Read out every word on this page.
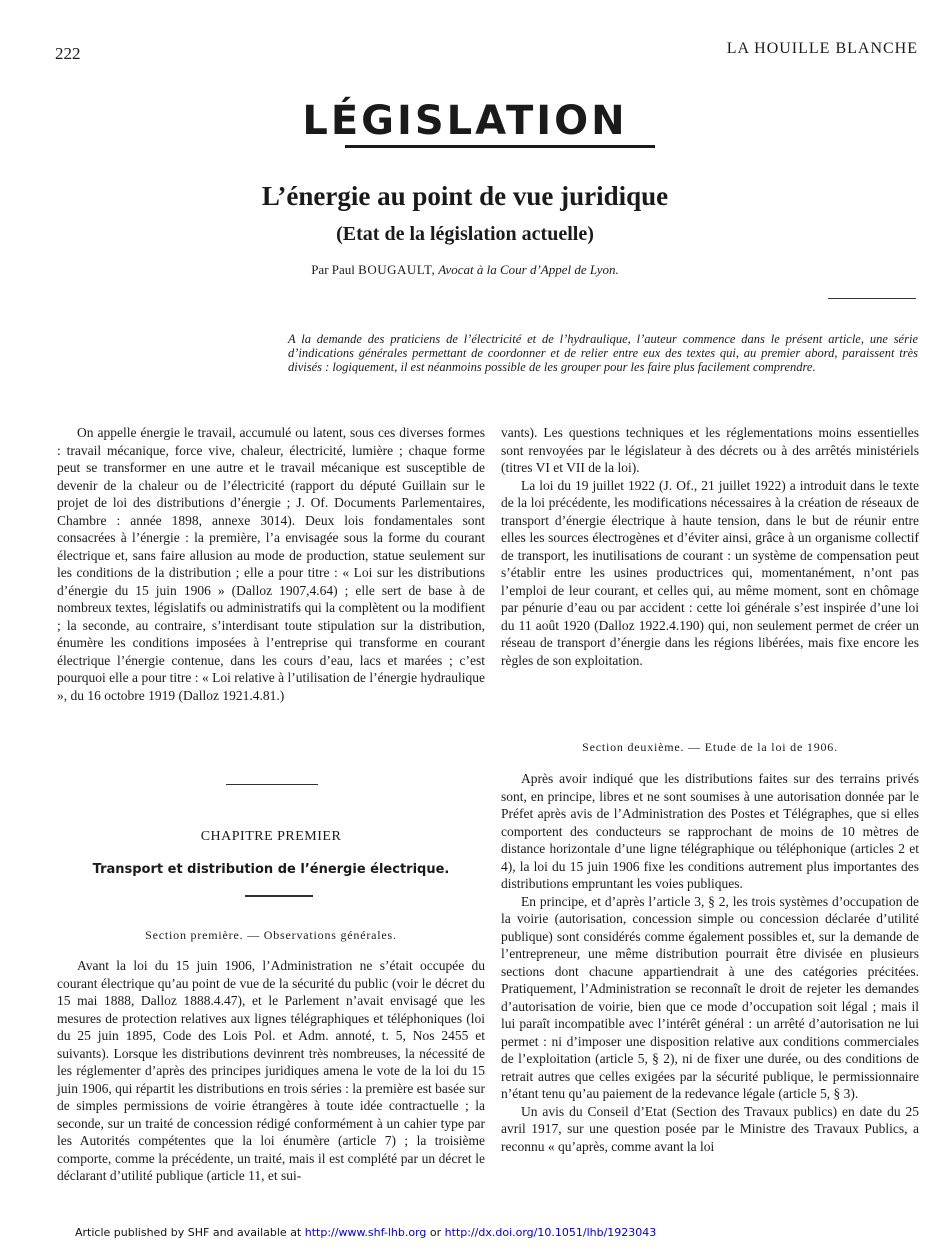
222	LA HOUILLE BLANCHE
LÉGISLATION
L’énergie au point de vue juridique
(Etat de la législation actuelle)
Par Paul BOUGAULT, Avocat à la Cour d’Appel de Lyon.
A la demande des praticiens de l’électricité et de l’hydraulique, l’auteur commence dans le présent article, une série d’indications générales permettant de coordonner et de relier entre eux des textes qui, au premier abord, paraissent très divisés : logiquement, il est néanmoins possible de les grouper pour les faire plus facilement comprendre.

On appelle énergie le travail, accumulé ou latent, sous ces diverses formes : travail mécanique, force vive, chaleur, électricité, lumière ; chaque forme peut se transformer en une autre et le travail mécanique est susceptible de devenir de la chaleur ou de l’électricité (rapport du député Guillain sur le projet de loi des distributions d’énergie ; J. Of. Documents Parlementaires, Chambre : année 1898, annexe 3014). Deux lois fondamentales sont consacrées à l’énergie : la première, l’a envisagée sous la forme du courant électrique et, sans faire allusion au mode de production, statue seulement sur les conditions de la distribution ; elle a pour titre : « Loi sur les distributions d’énergie du 15 juin 1906 » (Dalloz 1907,4.64) ; elle sert de base à de nombreux textes, législatifs ou administratifs qui la complètent ou la modifient ; la seconde, au contraire, s’interdisant toute stipulation sur la distribution, énumère les conditions imposées à l’entreprise qui transforme en courant électrique l’énergie contenue, dans les cours d’eau, lacs et marées ; c’est pourquoi elle a pour titre : « Loi relative à l’utilisation de l’énergie hydraulique », du 16 octobre 1919 (Dalloz 1921.4.81.)

CHAPITRE PREMIER
Transport et distribution de l’énergie électrique.
Section première. — Observations générales.

Avant la loi du 15 juin 1906, l’Administration ne s’était occupée du courant électrique qu’au point de vue de la sécurité du public (voir le décret du 15 mai 1888, Dalloz 1888.4.47), et le Parlement n’avait envisagé que les mesures de protection relatives aux lignes télégraphiques et téléphoniques (loi du 25 juin 1895, Code des Lois Pol. et Adm. annoté, t. 5, Nos 2455 et suivants). Lorsque les distributions devinrent très nombreuses, la nécessité de les réglementer d’après des principes juridiques amena le vote de la loi du 15 juin 1906, qui répartit les distributions en trois séries : la première est basée sur de simples permissions de voirie étrangères à toute idée contractuelle ; la seconde, sur un traité de concession rédigé conformément à un cahier type par les Autorités compétentes que la loi énumère (article 7) ; la troisième comporte, comme la précédente, un traité, mais il est complété par un décret le déclarant d’utilité publique (article 11, et sui-

vants). Les questions techniques et les réglementations moins essentielles sont renvoyées par le législateur à des décrets ou à des arrêtés ministériels (titres VI et VII de la loi).

La loi du 19 juillet 1922 (J. Of., 21 juillet 1922) a introduit dans le texte de la loi précédente, les modifications nécessaires à la création de réseaux de transport d’énergie électrique à haute tension, dans le but de réunir entre elles les sources électrogènes et d’éviter ainsi, grâce à un organisme collectif de transport, les inutilisations de courant : un système de compensation peut s’établir entre les usines productrices qui, momentanément, n’ont pas l’emploi de leur courant, et celles qui, au même moment, sont en chômage par pénurie d’eau ou par accident : cette loi générale s’est inspirée d’une loi du 11 août 1920 (Dalloz 1922.4.190) qui, non seulement permet de créer un réseau de transport d’énergie dans les régions libérées, mais fixe encore les règles de son exploitation.

Section deuxième. — Etude de la loi de 1906.

Après avoir indiqué que les distributions faites sur des terrains privés sont, en principe, libres et ne sont soumises à une autorisation donnée par le Préfet après avis de l’Administration des Postes et Télégraphes, que si elles comportent des conducteurs se rapprochant de moins de 10 mètres de distance horizontale d’une ligne télégraphique ou téléphonique (articles 2 et 4), la loi du 15 juin 1906 fixe les conditions autrement plus importantes des distributions empruntant les voies publiques.

En principe, et d’après l’article 3, § 2, les trois systèmes d’occupation de la voirie (autorisation, concession simple ou concession déclarée d’utilité publique) sont considérés comme également possibles et, sur la demande de l’entrepreneur, une même distribution pourrait être divisée en plusieurs sections dont chacune appartiendrait à une des catégories précitées. Pratiquement, l’Administration se reconnaît le droit de rejeter les demandes d’autorisation de voirie, bien que ce mode d’occupation soit légal ; mais il lui paraît incompatible avec l’intérêt général : un arrêté d’autorisation ne lui permet : ni d’imposer une disposition relative aux conditions commerciales de l’exploitation (article 5, § 2), ni de fixer une durée, ou des conditions de retrait autres que celles exigées par la sécurité publique, le permissionnaire n’étant tenu qu’au paiement de la redevance légale (article 5, § 3).

Un avis du Conseil d’Etat (Section des Travaux publics) en date du 25 avril 1917, sur une question posée par le Ministre des Travaux Publics, a reconnu « qu’après, comme avant la loi

Article published by SHF and available at http://www.shf-lhb.org or http://dx.doi.org/10.1051/lhb/1923043
